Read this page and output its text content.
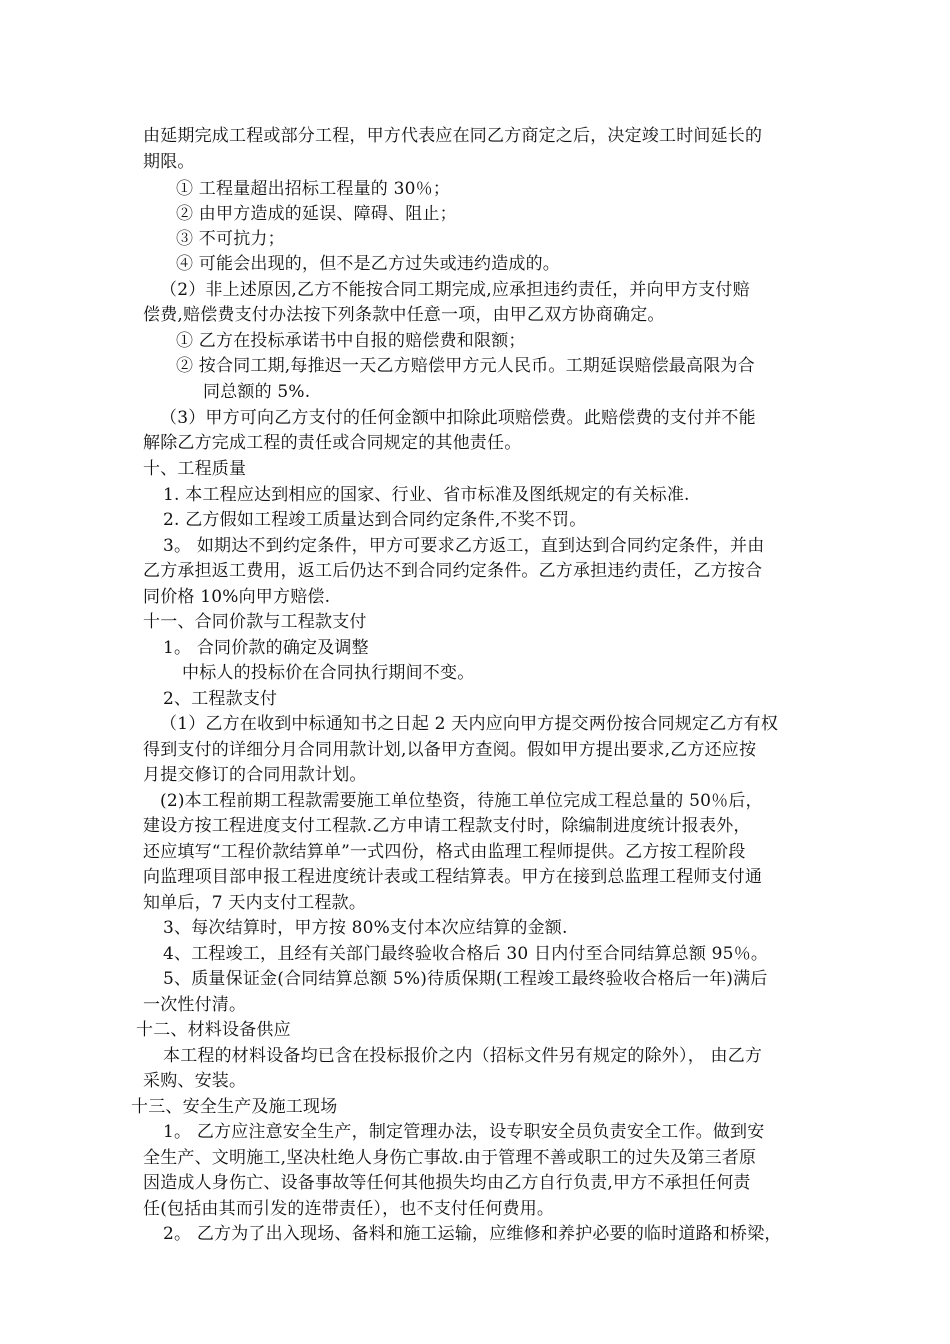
由延期完成工程或部分工程，甲方代表应在同乙方商定之后，决定竣工时间延长的
期限。
① 工程量超出招标工程量的 30％；
② 由甲方造成的延误、障碍、阻止；
③ 不可抗力；
④ 可能会出现的，但不是乙方过失或违约造成的。
（2）非上述原因,乙方不能按合同工期完成,应承担违约责任，并向甲方支付赔
偿费,赔偿费支付办法按下列条款中任意一项，由甲乙双方协商确定。
① 乙方在投标承诺书中自报的赔偿费和限额；
② 按合同工期,每推迟一天乙方赔偿甲方元人民币。工期延误赔偿最高限为合
同总额的 5%.
（3）甲方可向乙方支付的任何金额中扣除此项赔偿费。此赔偿费的支付并不能
解除乙方完成工程的责任或合同规定的其他责任。
十、工程质量
1. 本工程应达到相应的国家、行业、省市标准及图纸规定的有关标准.
2. 乙方假如工程竣工质量达到合同约定条件,不奖不罚。
3。 如期达不到约定条件，甲方可要求乙方返工，直到达到合同约定条件，并由
乙方承担返工费用，返工后仍达不到合同约定条件。乙方承担违约责任，乙方按合
同价格 10%向甲方赔偿.
十一、合同价款与工程款支付
1。 合同价款的确定及调整
中标人的投标价在合同执行期间不变。
2、工程款支付
（1）乙方在收到中标通知书之日起 2 天内应向甲方提交两份按合同规定乙方有权
得到支付的详细分月合同用款计划,以备甲方查阅。假如甲方提出要求,乙方还应按
月提交修订的合同用款计划。
(2)本工程前期工程款需要施工单位垫资，待施工单位完成工程总量的 50％后，
建设方按工程进度支付工程款.乙方申请工程款支付时，除编制进度统计报表外，
还应填写“工程价款结算单”一式四份，格式由监理工程师提供。乙方按工程阶段
向监理项目部申报工程进度统计表或工程结算表。甲方在接到总监理工程师支付通
知单后，7 天内支付工程款。
3、每次结算时，甲方按 80%支付本次应结算的金额.
4、工程竣工，且经有关部门最终验收合格后 30 日内付至合同结算总额 95％。
5、质量保证金(合同结算总额 5%)待质保期(工程竣工最终验收合格后一年)满后
一次性付清。
十二、材料设备供应
本工程的材料设备均已含在投标报价之内（招标文件另有规定的除外）， 由乙方
采购、安装。
十三、安全生产及施工现场
1。 乙方应注意安全生产，制定管理办法，设专职安全员负责安全工作。做到安
全生产、文明施工,坚决杜绝人身伤亡事故.由于管理不善或职工的过失及第三者原
因造成人身伤亡、设备事故等任何其他损失均由乙方自行负责,甲方不承担任何责
任(包括由其而引发的连带责任），也不支付任何费用。
2。 乙方为了出入现场、备料和施工运输，应维修和养护必要的临时道路和桥梁，
